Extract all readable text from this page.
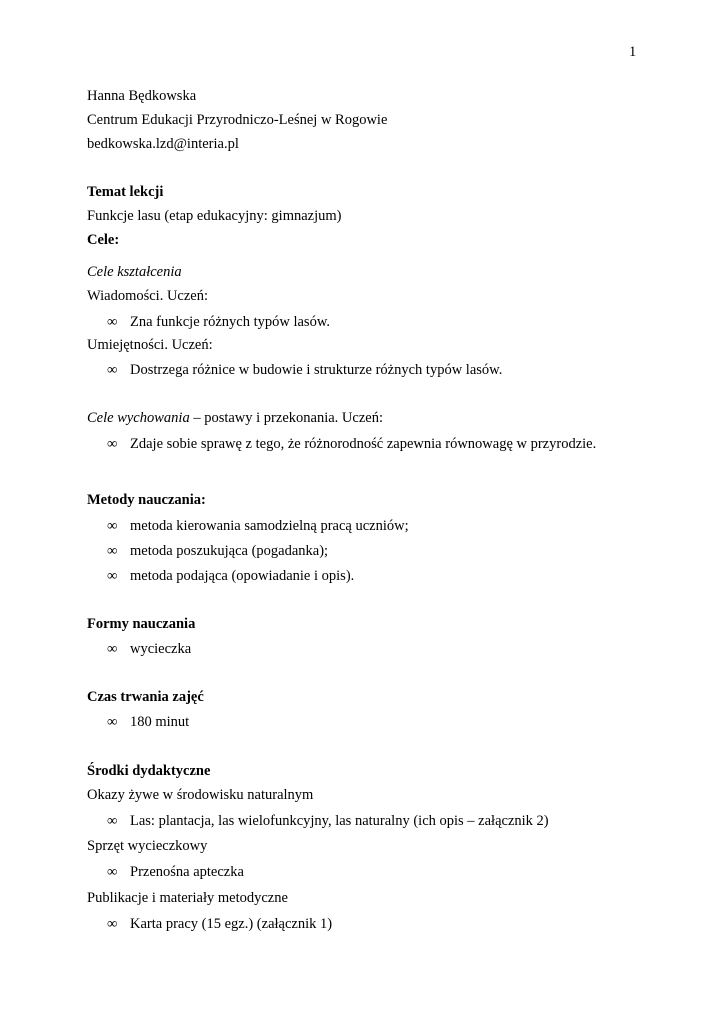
1
Hanna Będkowska
Centrum Edukacji Przyrodniczo-Leśnej w Rogowie
bedkowska.lzd@interia.pl
Temat lekcji
Funkcje lasu (etap edukacyjny: gimnazjum)
Cele:
Cele kształcenia
Wiadomości. Uczeń:
∞ Zna funkcje różnych typów lasów.
Umiejętności. Uczeń:
∞ Dostrzega różnice w budowie i strukturze różnych typów lasów.
Cele wychowania – postawy i przekonania. Uczeń:
∞ Zdaje sobie sprawę z tego, że różnorodność zapewnia równowagę w przyrodzie.
Metody nauczania:
∞ metoda kierowania samodzielną pracą uczniów;
∞ metoda poszukująca (pogadanka);
∞ metoda podająca (opowiadanie i opis).
Formy nauczania
∞ wycieczka
Czas trwania zajęć
∞ 180 minut
Środki dydaktyczne
Okazy żywe w środowisku naturalnym
∞ Las: plantacja, las wielofunkcyjny, las naturalny (ich opis – załącznik 2)
Sprzęt wycieczkowy
∞ Przenośna apteczka
Publikacje i materiały metodyczne
∞ Karta pracy (15 egz.) (załącznik 1)
